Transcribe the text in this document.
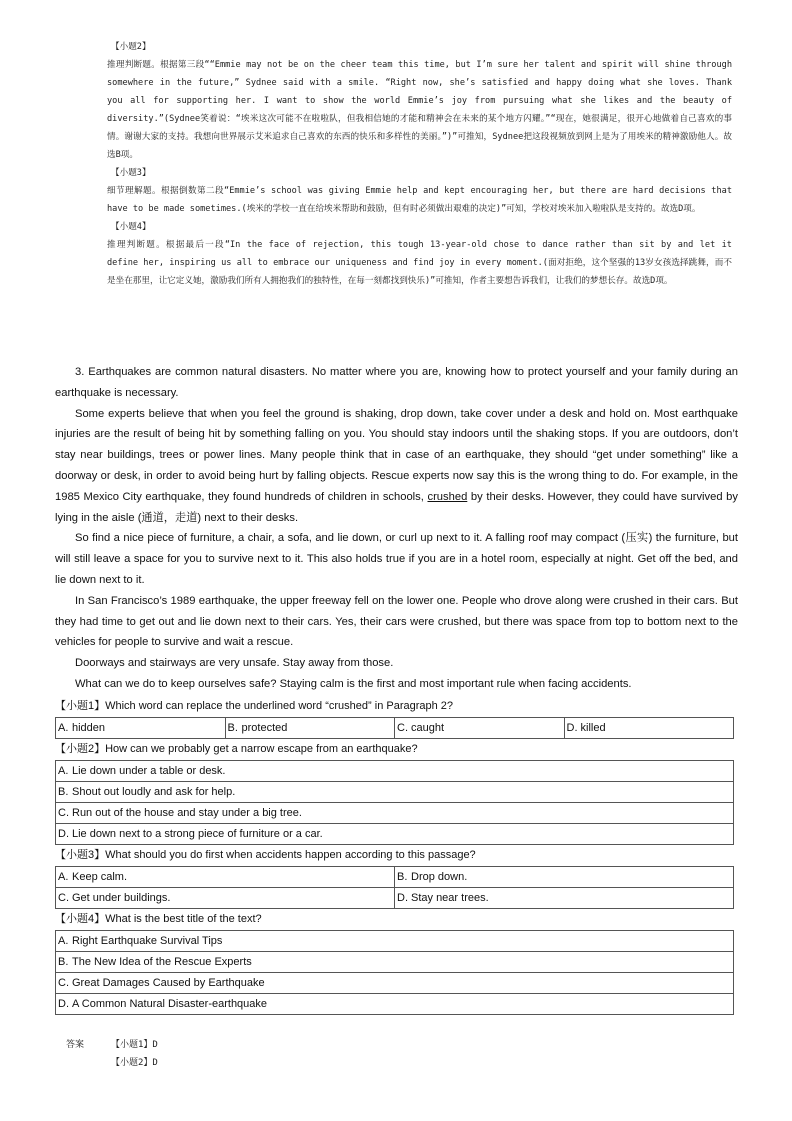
【小题2】
推理判断题。根据第三段““Emmie may not be on the cheer team this time, but I’m sure her talent and spirit will shine through somewhere in the future,” Sydnee said with a smile. “Right now, she’s satisfied and happy doing what she loves. Thank you all for supporting her. I want to show the world Emmie’s joy from pursuing what she likes and the beauty of diversity.”(Sydnee笑着说：“埃米这次可能不在啦啦队，但我相信她的才能和精神会在未来的某个地方闪耀。”“现在，她很满足，很开心地做着自己喜欢的事情。谢谢大家的支持。我想向世界展示艾米追求自己喜欢的东西的快乐和多样性的美丽。”)”可推知，Sydnee把这段视频放到网上是为了用埃米的精神激励他人。故选B项。
【小题3】
细节理解题。根据倒数第二段“Emmie’s school was giving Emmie help and kept encouraging her, but there are hard decisions that have to be made sometimes.(埃米的学校一直在给埃米帮助和鼓励，但有时必须做出艰难的决定)”可知，学校对埃米加入啦啦队是支持的。故选D项。
【小题4】
推理判断题。根据最后一段“In the face of rejection, this tough 13-year-old chose to dance rather than sit by and let it define her, inspiring us all to embrace our uniqueness and find joy in every moment.(面对拒绝，这个坚强的13岁女孩选择跳舞，而不是坐在那里，让它定义她，激励我们所有人拥抱我们的独特性，在每一刻都找到快乐)”可推知，作者主要想告诉我们，让我们的梦想长存。故选D项。

3. Earthquakes are common natural disasters. No matter where you are, knowing how to protect yourself and your family during an earthquake is necessary.

Some experts believe that when you feel the ground is shaking, drop down, take cover under a desk and hold on. Most earthquake injuries are the result of being hit by something falling on you. You should stay indoors until the shaking stops. If you are outdoors, don’t stay near buildings, trees or power lines. Many people think that in case of an earthquake, they should “get under something” like a doorway or desk, in order to avoid being hurt by falling objects. Rescue experts now say this is the wrong thing to do. For example, in the 1985 Mexico City earthquake, they found hundreds of children in schools, crushed by their desks. However, they could have survived by lying in the aisle (通道，走道) next to their desks.

So find a nice piece of furniture, a chair, a sofa, and lie down, or curl up next to it. A falling roof may compact (压实) the furniture, but will still leave a space for you to survive next to it. This also holds true if you are in a hotel room, especially at night. Get off the bed, and lie down next to it.

In San Francisco’s 1989 earthquake, the upper freeway fell on the lower one. People who drove along were crushed in their cars. But they had time to get out and lie down next to their cars. Yes, their cars were crushed, but there was space from top to bottom next to the vehicles for people to survive and wait a rescue.

Doorways and stairways are very unsafe. Stay away from those.

What can we do to keep ourselves safe? Staying calm is the first and most important rule when facing accidents.

【小题1】Which word can replace the underlined word “crushed” in Paragraph 2?
A. hidden	B. protected	C. caught	D. killed
【小题2】How can we probably get a narrow escape from an earthquake?
A. Lie down under a table or desk.
B. Shout out loudly and ask for help.
C. Run out of the house and stay under a big tree.
D. Lie down next to a strong piece of furniture or a car.
【小题3】What should you do first when accidents happen according to this passage?
A. Keep calm.	B. Drop down.
C. Get under buildings.	D. Stay near trees.
【小题4】What is the best title of the text?
A. Right Earthquake Survival Tips
B. The New Idea of the Rescue Experts
C. Great Damages Caused by Earthquake
D. A Common Natural Disaster-earthquake
答案	【小题1】D
【小题2】D
